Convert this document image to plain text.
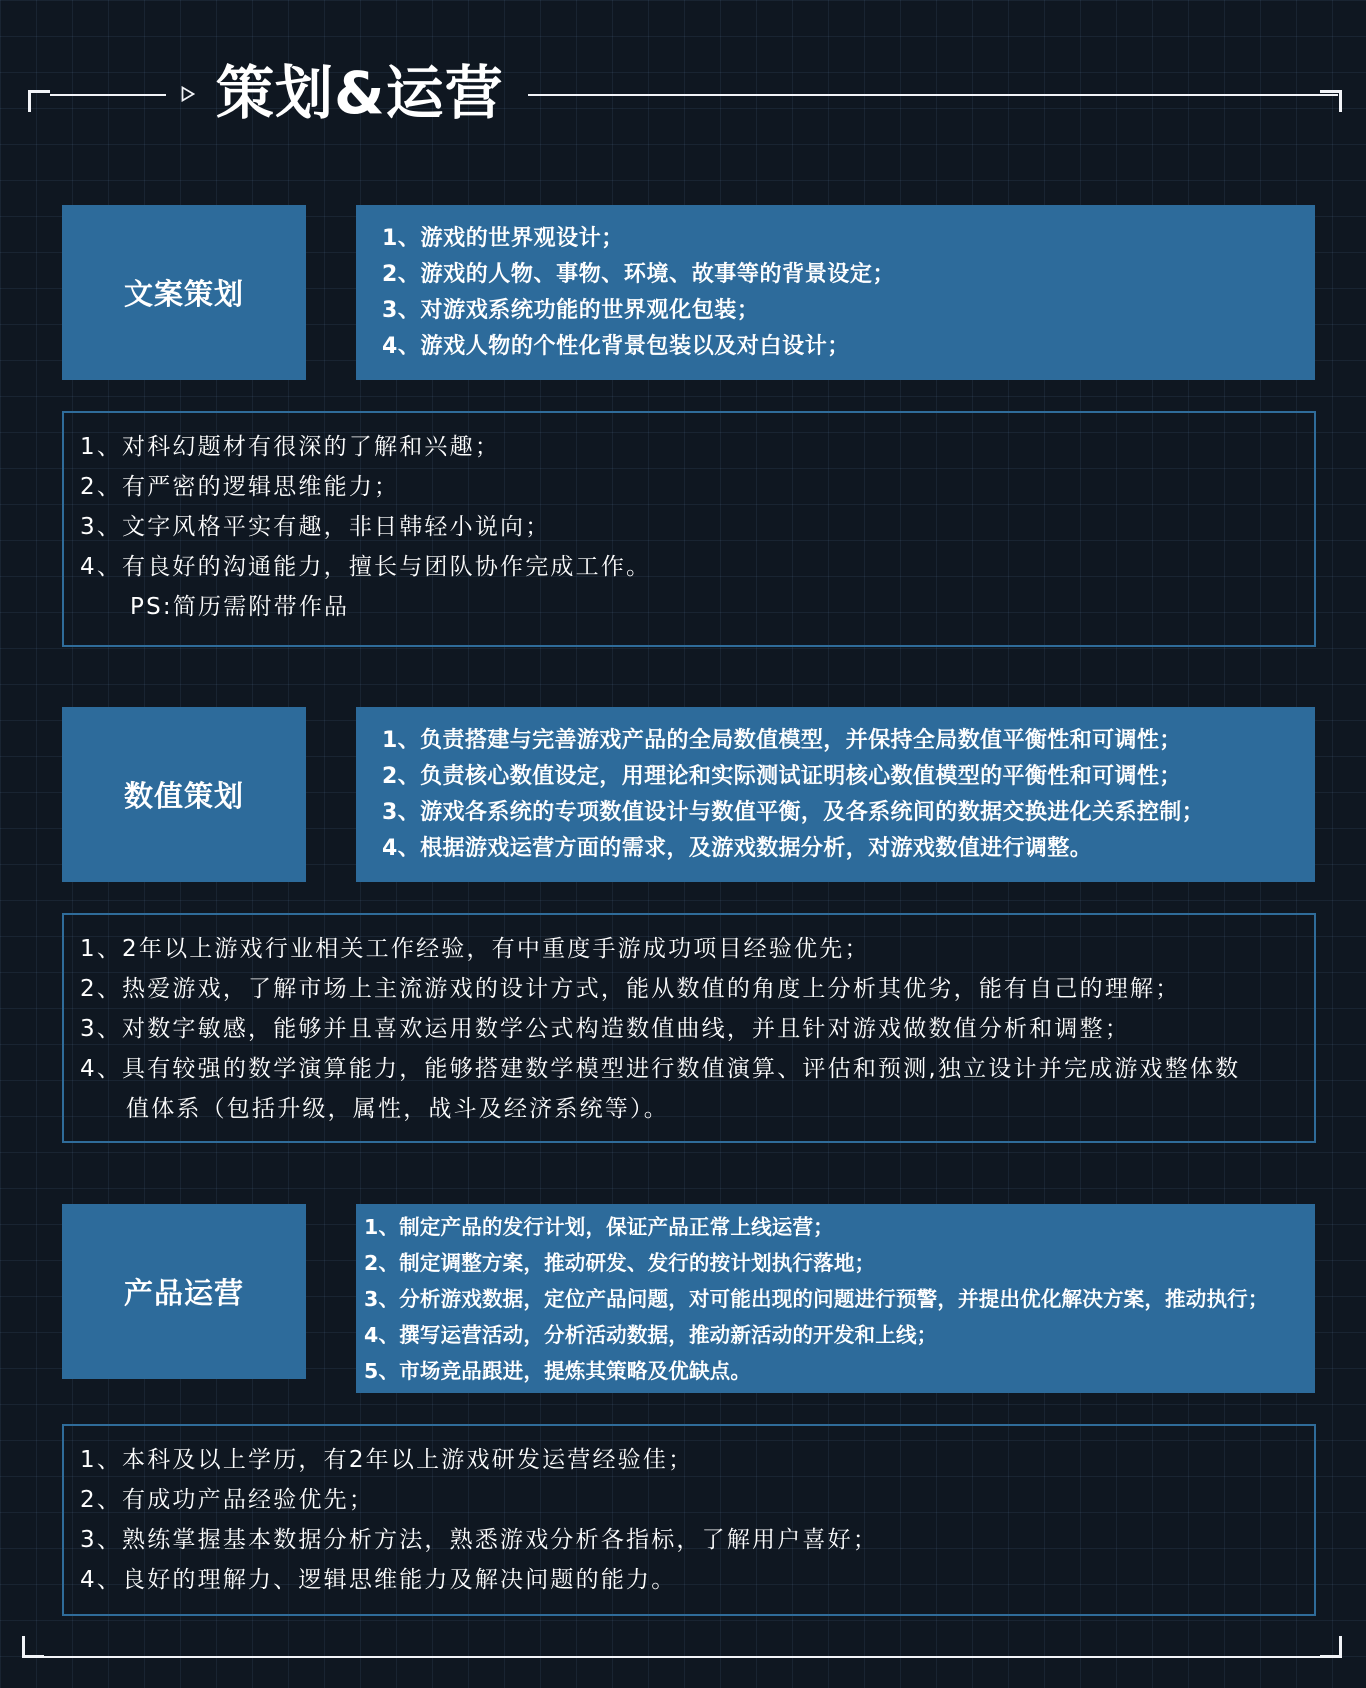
策划&运营
文案策划
1、游戏的世界观设计；
2、游戏的人物、事物、环境、故事等的背景设定；
3、对游戏系统功能的世界观化包装；
4、游戏人物的个性化背景包装以及对白设计；
1、对科幻题材有很深的了解和兴趣；
2、有严密的逻辑思维能力；
3、文字风格平实有趣，非日韩轻小说向；
4、有良好的沟通能力，擅长与团队协作完成工作。
PS:简历需附带作品
数值策划
1、负责搭建与完善游戏产品的全局数值模型，并保持全局数值平衡性和可调性；
2、负责核心数值设定，用理论和实际测试证明核心数值模型的平衡性和可调性；
3、游戏各系统的专项数值设计与数值平衡，及各系统间的数据交换进化关系控制；
4、根据游戏运营方面的需求，及游戏数据分析，对游戏数值进行调整。
1、2年以上游戏行业相关工作经验，有中重度手游成功项目经验优先；
2、热爱游戏，了解市场上主流游戏的设计方式，能从数值的角度上分析其优劣，能有自己的理解；
3、对数字敏感，能够并且喜欢运用数学公式构造数值曲线，并且针对游戏做数值分析和调整；
4、具有较强的数学演算能力，能够搭建数学模型进行数值演算、评估和预测,独立设计并完成游戏整体数
值体系（包括升级，属性，战斗及经济系统等）。
产品运营
1、制定产品的发行计划，保证产品正常上线运营；
2、制定调整方案，推动研发、发行的按计划执行落地；
3、分析游戏数据，定位产品问题，对可能出现的问题进行预警，并提出优化解决方案，推动执行；
4、撰写运营活动，分析活动数据，推动新活动的开发和上线；
5、市场竞品跟进，提炼其策略及优缺点。
1、本科及以上学历，有2年以上游戏研发运营经验佳；
2、有成功产品经验优先；
3、熟练掌握基本数据分析方法，熟悉游戏分析各指标，了解用户喜好；
4、良好的理解力、逻辑思维能力及解决问题的能力。
